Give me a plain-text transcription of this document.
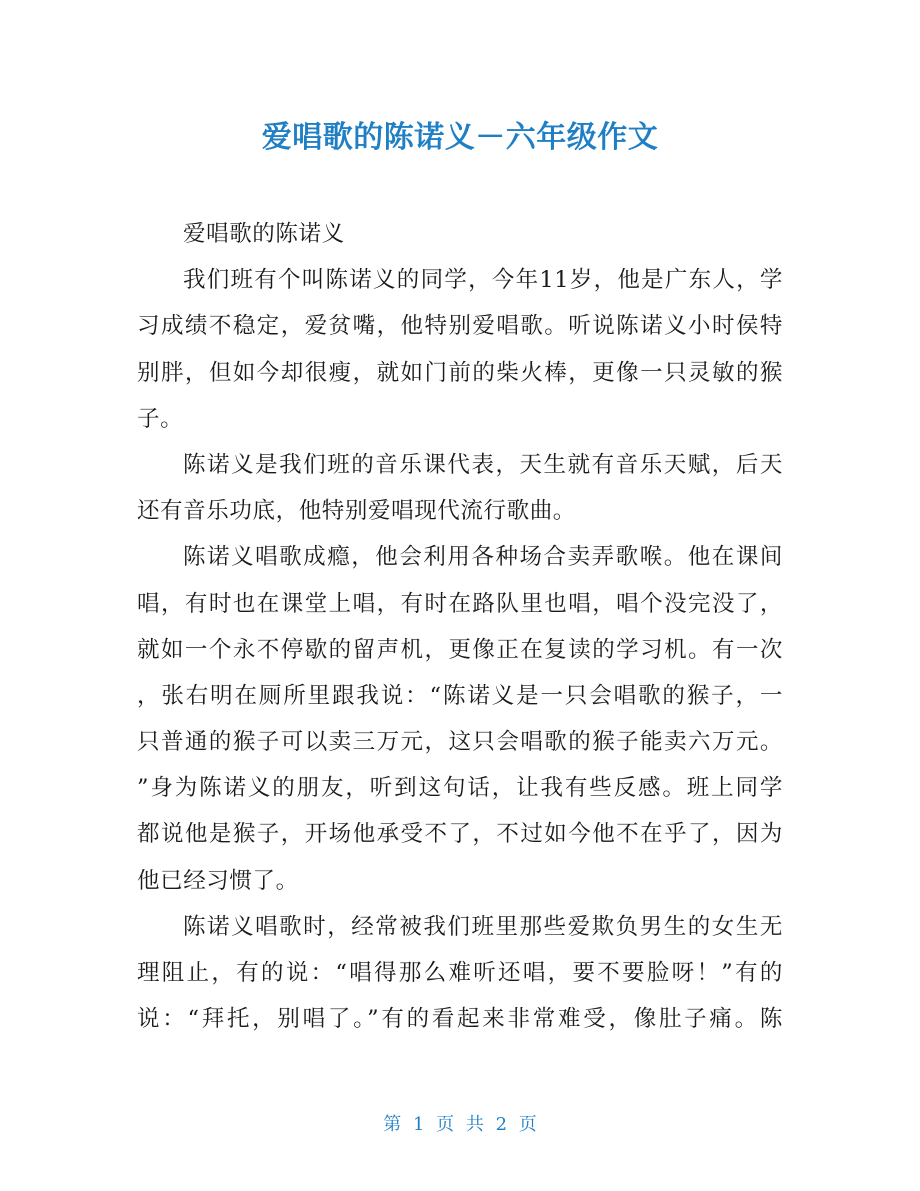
爱唱歌的陈诺义－六年级作文
爱唱歌的陈诺义
我们班有个叫陈诺义的同学，今年11岁，他是广东人，学
习成绩不稳定，爱贫嘴，他特别爱唱歌。听说陈诺义小时侯特
别胖，但如今却很瘦，就如门前的柴火棒，更像一只灵敏的猴
子。
陈诺义是我们班的音乐课代表，天生就有音乐天赋，后天
还有音乐功底，他特别爱唱现代流行歌曲。
陈诺义唱歌成瘾，他会利用各种场合卖弄歌喉。他在课间
唱，有时也在课堂上唱，有时在路队里也唱，唱个没完没了，
就如一个永不停歇的留声机，更像正在复读的学习机。有一次
，张右明在厕所里跟我说：“陈诺义是一只会唱歌的猴子，一
只普通的猴子可以卖三万元，这只会唱歌的猴子能卖六万元。
”身为陈诺义的朋友，听到这句话，让我有些反感。班上同学
都说他是猴子，开场他承受不了，不过如今他不在乎了，因为
他已经习惯了。
陈诺义唱歌时，经常被我们班里那些爱欺负男生的女生无
理阻止，有的说：“唱得那么难听还唱，要不要脸呀！”有的
说：“拜托，别唱了。”有的看起来非常难受，像肚子痛。陈
第 1 页 共 2 页
